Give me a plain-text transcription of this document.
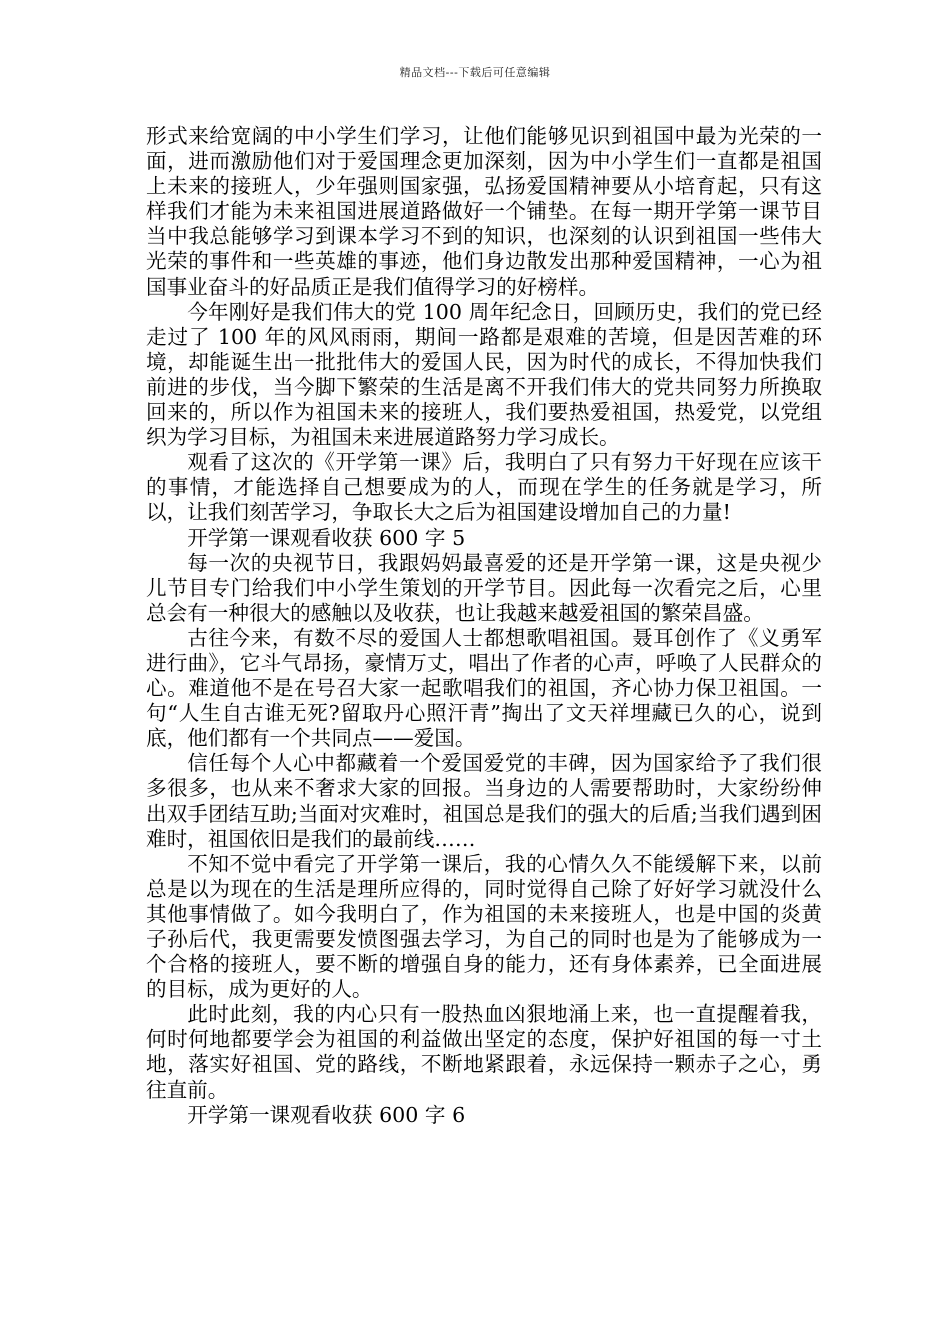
精品文档---下载后可任意编辑

形式来给宽阔的中小学生们学习，让他们能够见识到祖国中最为光荣的一面，进而激励他们对于爱国理念更加深刻，因为中小学生们一直都是祖国上未来的接班人，少年强则国家强，弘扬爱国精神要从小培育起，只有这样我们才能为未来祖国进展道路做好一个铺垫。在每一期开学第一课节目当中我总能够学习到课本学习不到的知识，也深刻的认识到祖国一些伟大光荣的事件和一些英雄的事迹，他们身边散发出那种爱国精神，一心为祖国事业奋斗的好品质正是我们值得学习的好榜样。

今年刚好是我们伟大的党 100 周年纪念日，回顾历史，我们的党已经走过了 100 年的风风雨雨，期间一路都是艰难的苦境，但是因苦难的环境，却能诞生出一批批伟大的爱国人民，因为时代的成长，不得加快我们前进的步伐，当今脚下繁荣的生活是离不开我们伟大的党共同努力所换取回来的，所以作为祖国未来的接班人，我们要热爱祖国，热爱党，以党组织为学习目标，为祖国未来进展道路努力学习成长。

观看了这次的《开学第一课》后，我明白了只有努力干好现在应该干的事情，才能选择自己想要成为的人，而现在学生的任务就是学习，所以，让我们刻苦学习，争取长大之后为祖国建设增加自己的力量!

开学第一课观看收获 600 字 5

每一次的央视节日，我跟妈妈最喜爱的还是开学第一课，这是央视少儿节目专门给我们中小学生策划的开学节目。因此每一次看完之后，心里总会有一种很大的感触以及收获，也让我越来越爱祖国的繁荣昌盛。

古往今来，有数不尽的爱国人士都想歌唱祖国。聂耳创作了《义勇军进行曲》，它斗气昂扬，豪情万丈，唱出了作者的心声，呼唤了人民群众的心。难道他不是在号召大家一起歌唱我们的祖国，齐心协力保卫祖国。一句“人生自古谁无死?留取丹心照汗青”掏出了文天祥埋藏已久的心，说到底，他们都有一个共同点——爱国。

信任每个人心中都藏着一个爱国爱党的丰碑，因为国家给予了我们很多很多，也从来不奢求大家的回报。当身边的人需要帮助时，大家纷纷伸出双手团结互助;当面对灾难时，祖国总是我们的强大的后盾;当我们遇到困难时，祖国依旧是我们的最前线……

不知不觉中看完了开学第一课后，我的心情久久不能缓解下来，以前总是以为现在的生活是理所应得的，同时觉得自己除了好好学习就没什么其他事情做了。如今我明白了，作为祖国的未来接班人，也是中国的炎黄子孙后代，我更需要发愤图强去学习，为自己的同时也是为了能够成为一个合格的接班人，要不断的增强自身的能力，还有身体素养，已全面进展的目标，成为更好的人。

此时此刻，我的内心只有一股热血凶狠地涌上来，也一直提醒着我，何时何地都要学会为祖国的利益做出坚定的态度，保护好祖国的每一寸土地，落实好祖国、党的路线，不断地紧跟着，永远保持一颗赤子之心，勇往直前。

开学第一课观看收获 600 字 6
